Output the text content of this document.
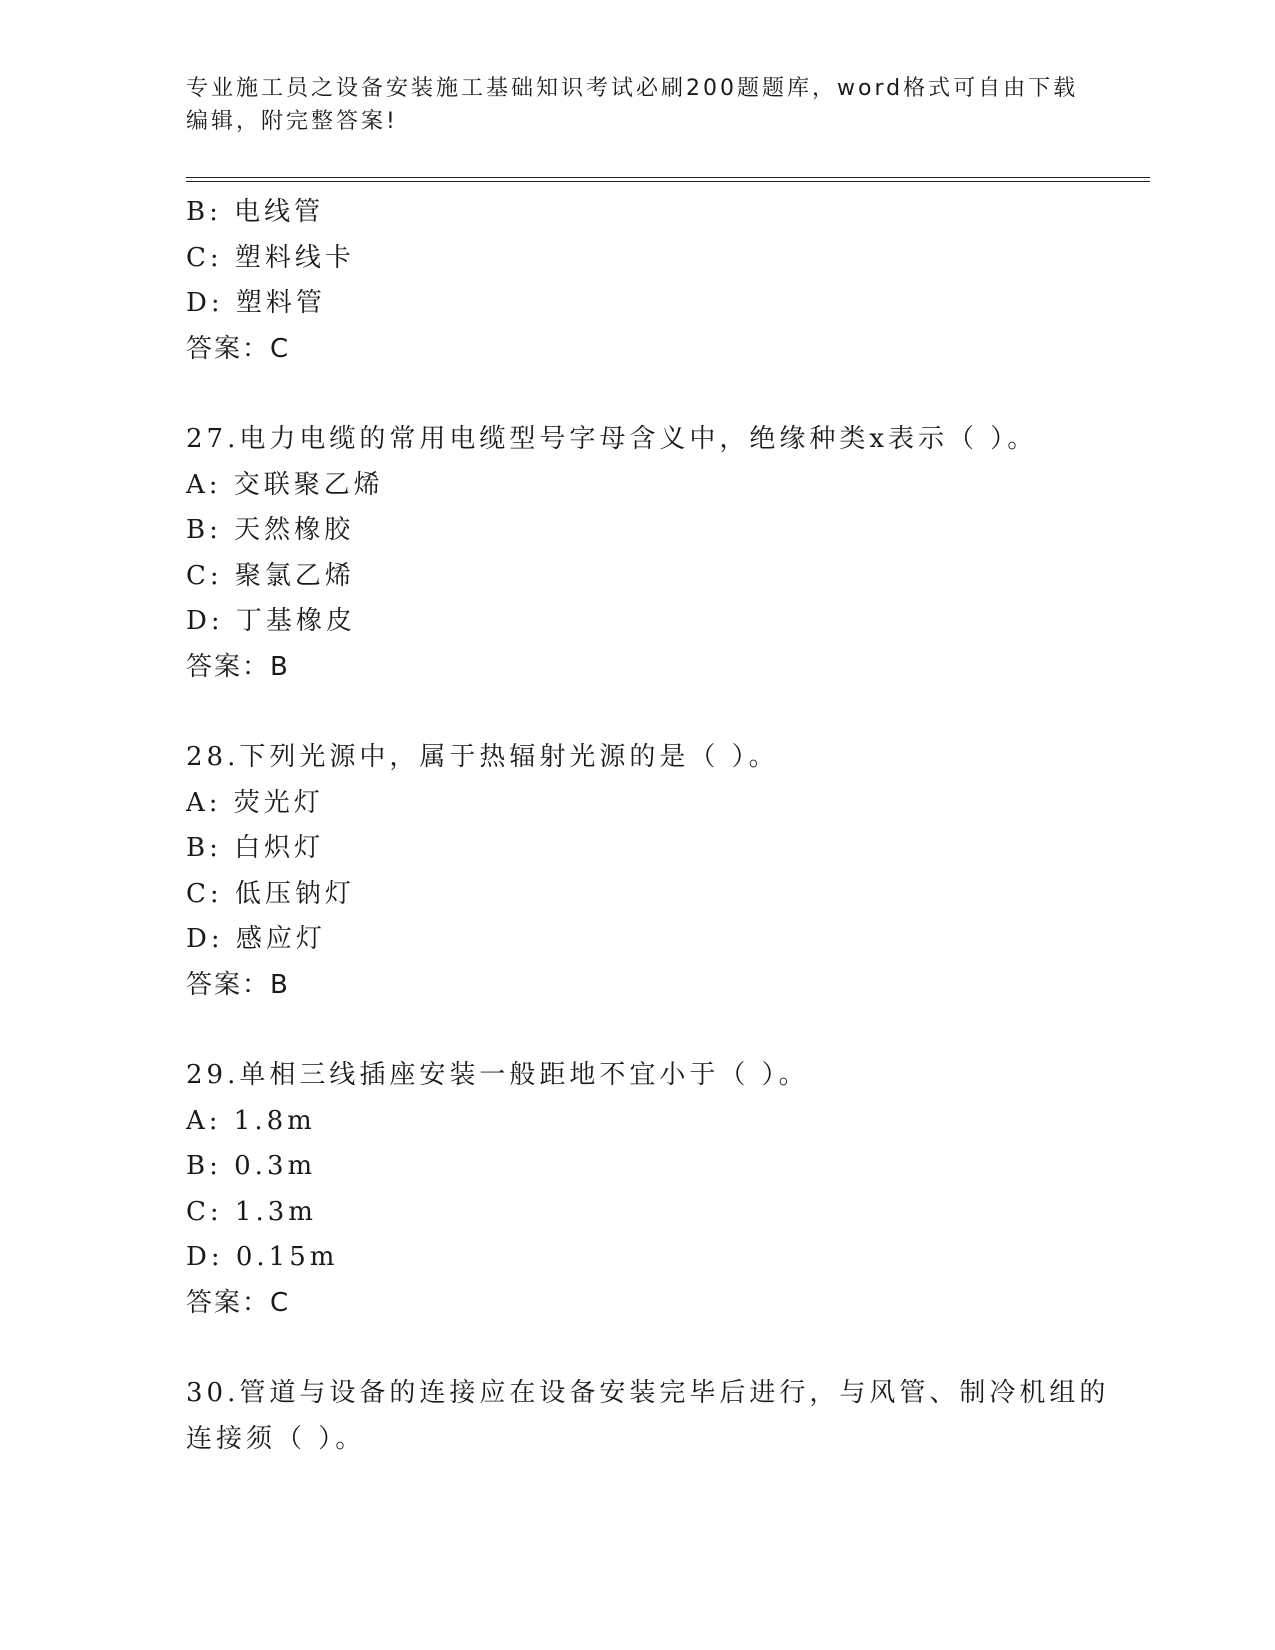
专业施工员之设备安装施工基础知识考试必刷200题题库，word格式可自由下载编辑，附完整答案!
B: 电线管
C: 塑料线卡
D: 塑料管
答案：C
27.电力电缆的常用电缆型号字母含义中，绝缘种类x表示（ ）。
A: 交联聚乙烯
B: 天然橡胶
C: 聚氯乙烯
D: 丁基橡皮
答案：B
28.下列光源中，属于热辐射光源的是（ ）。
A: 荧光灯
B: 白炽灯
C: 低压钠灯
D: 感应灯
答案：B
29.单相三线插座安装一般距地不宜小于（ ）。
A: 1.8m
B: 0.3m
C: 1.3m
D: 0.15m
答案：C
30.管道与设备的连接应在设备安装完毕后进行，与风管、制冷机组的
连接须（ ）。
